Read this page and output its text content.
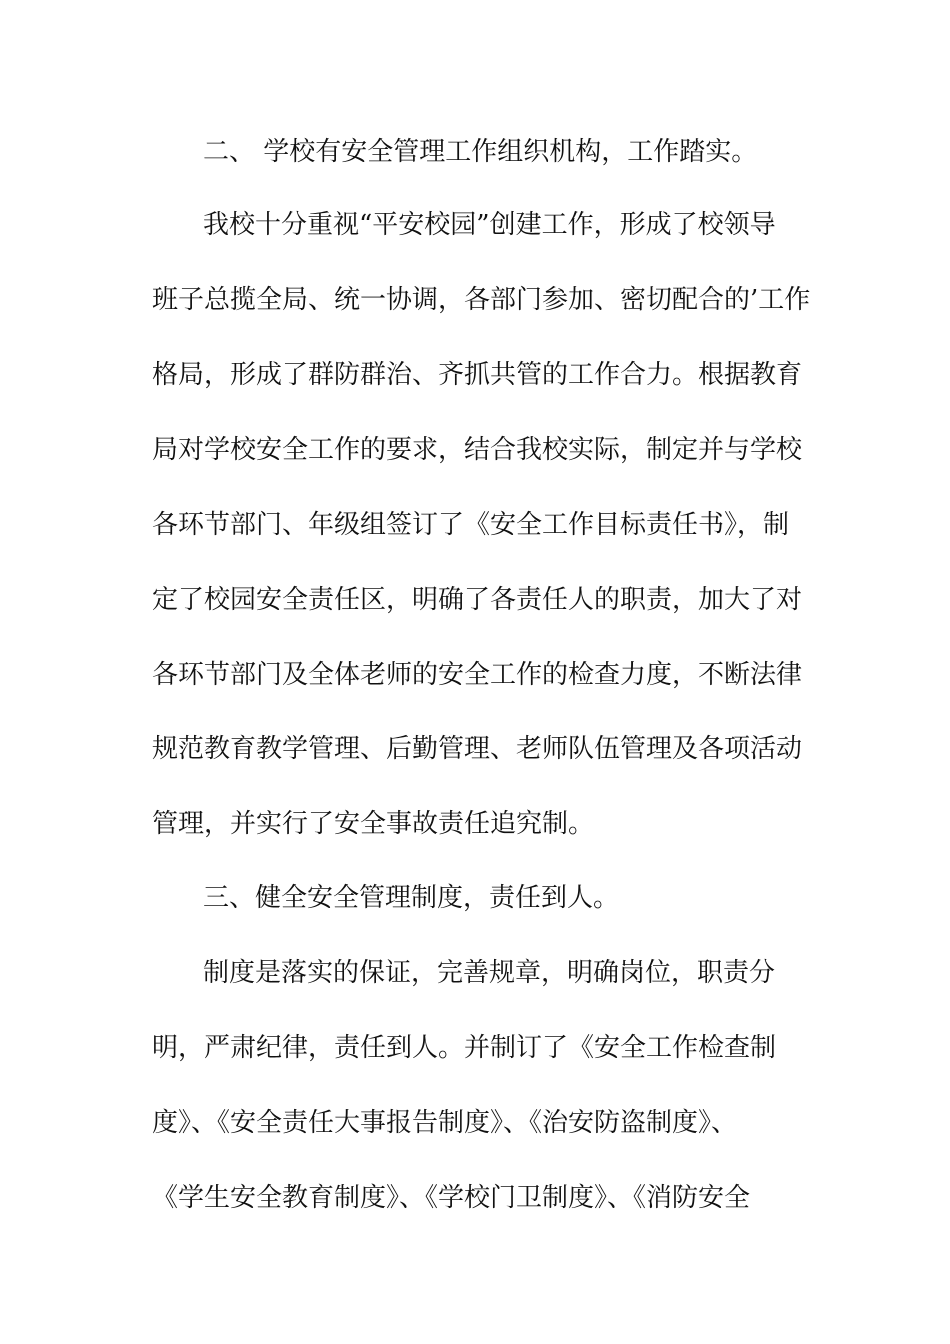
二、 学校有安全管理工作组织机构，工作踏实。
我校十分重视“平安校园”创建工作，形成了校领导
班子总揽全局、统一协调，各部门参加、密切配合的’工作
格局，形成了群防群治、齐抓共管的工作合力。根据教育
局对学校安全工作的要求，结合我校实际，制定并与学校
各环节部门、年级组签订了《安全工作目标责任书》，制
定了校园安全责任区，明确了各责任人的职责，加大了对
各环节部门及全体老师的安全工作的检查力度，不断法律
规范教育教学管理、后勤管理、老师队伍管理及各项活动
管理，并实行了安全事故责任追究制。
三、健全安全管理制度，责任到人。
制度是落实的保证，完善规章，明确岗位，职责分
明，严肃纪律，责任到人。并制订了《安全工作检查制
度》、《安全责任大事报告制度》、《治安防盗制度》、
《学生安全教育制度》、《学校门卫制度》、《消防安全
